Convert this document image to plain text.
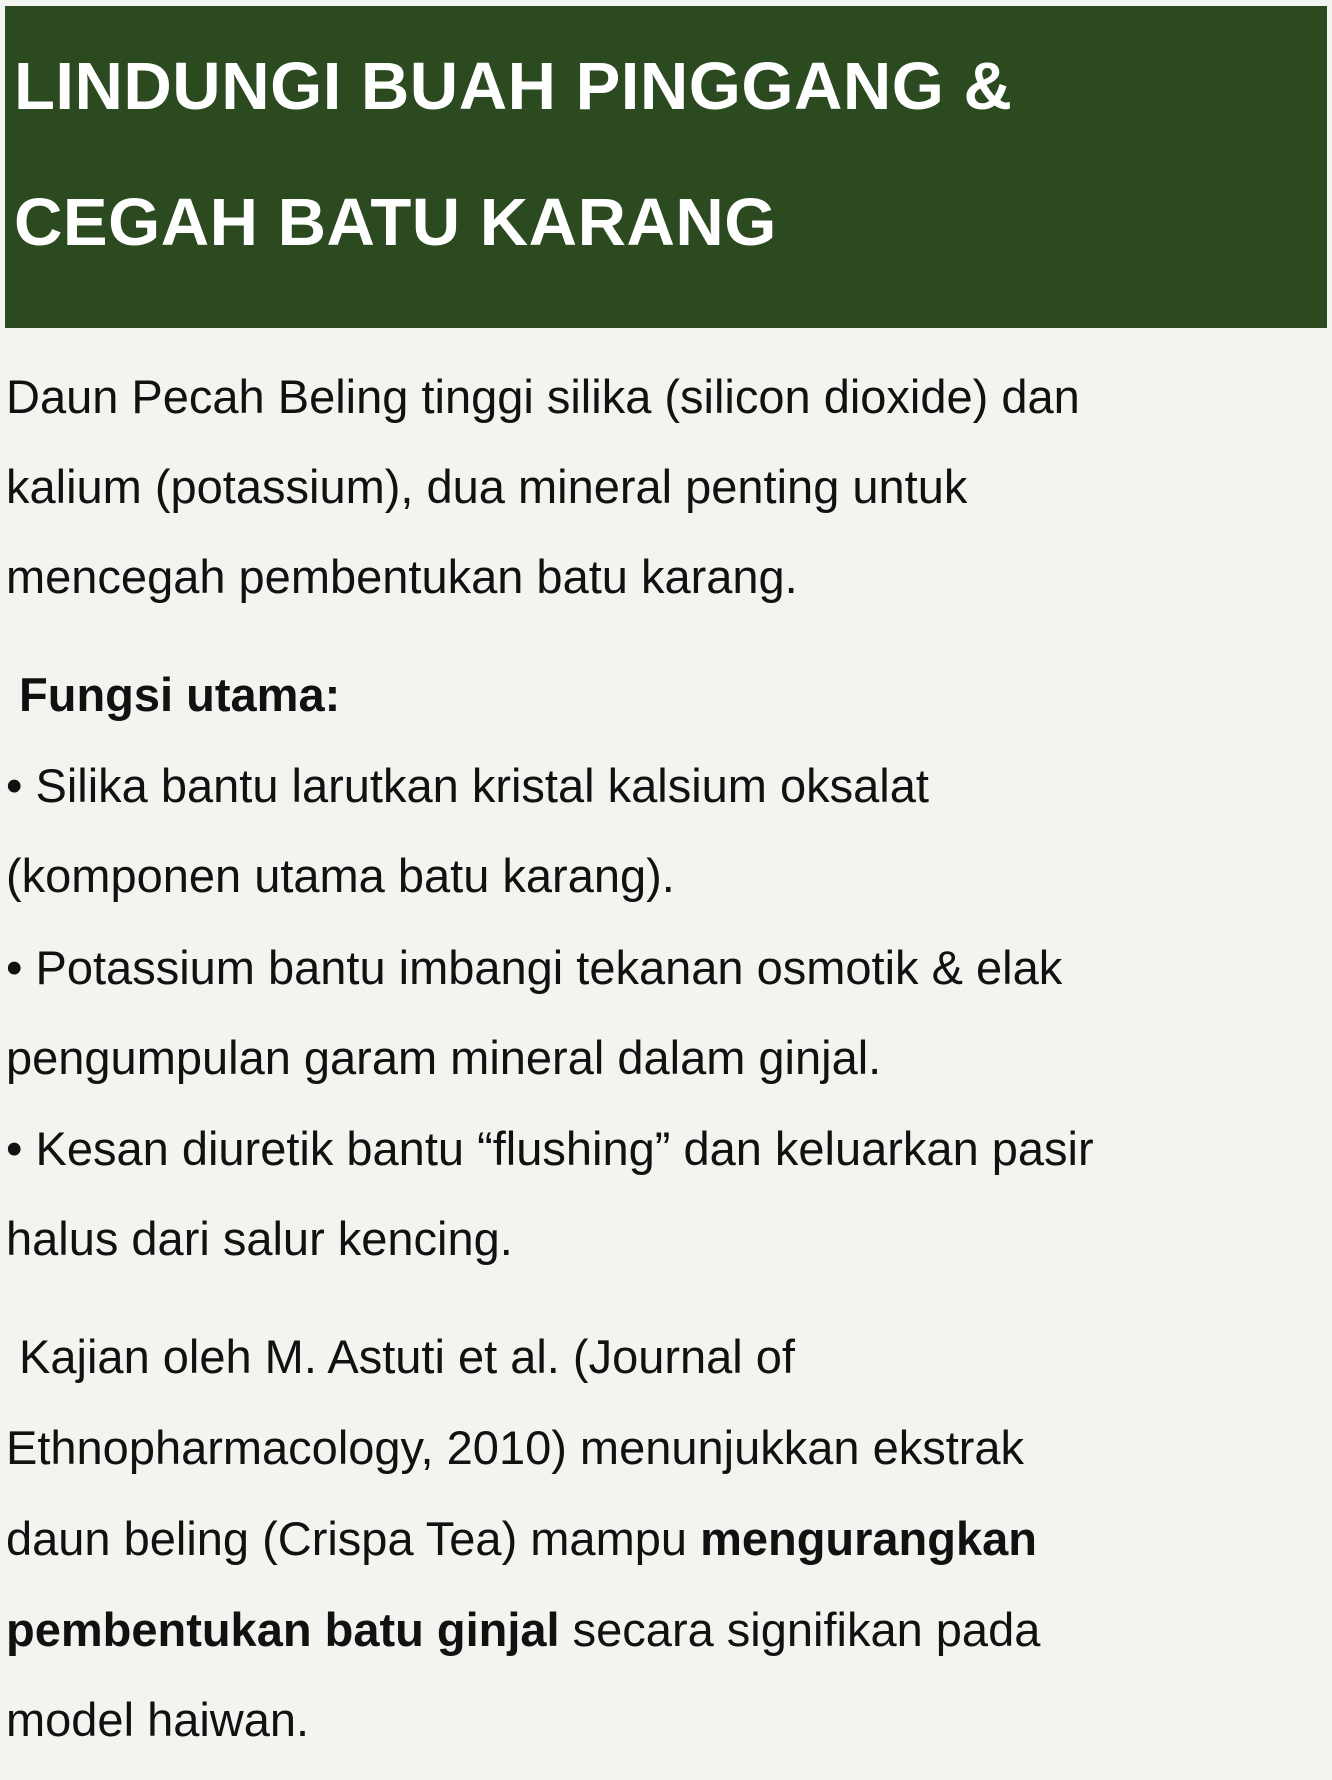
LINDUNGI BUAH PINGGANG &
CEGAH BATU KARANG
Daun Pecah Beling tinggi silika (silicon dioxide) dan
kalium (potassium), dua mineral penting untuk
mencegah pembentukan batu karang.
Fungsi utama:
• Silika bantu larutkan kristal kalsium oksalat
(komponen utama batu karang).
• Potassium bantu imbangi tekanan osmotik & elak
pengumpulan garam mineral dalam ginjal.
• Kesan diuretik bantu “flushing” dan keluarkan pasir
halus dari salur kencing.
Kajian oleh M. Astuti et al. (Journal of
Ethnopharmacology, 2010) menunjukkan ekstrak
daun beling (Crispa Tea) mampu mengurangkan
pembentukan batu ginjal secara signifikan pada
model haiwan.
